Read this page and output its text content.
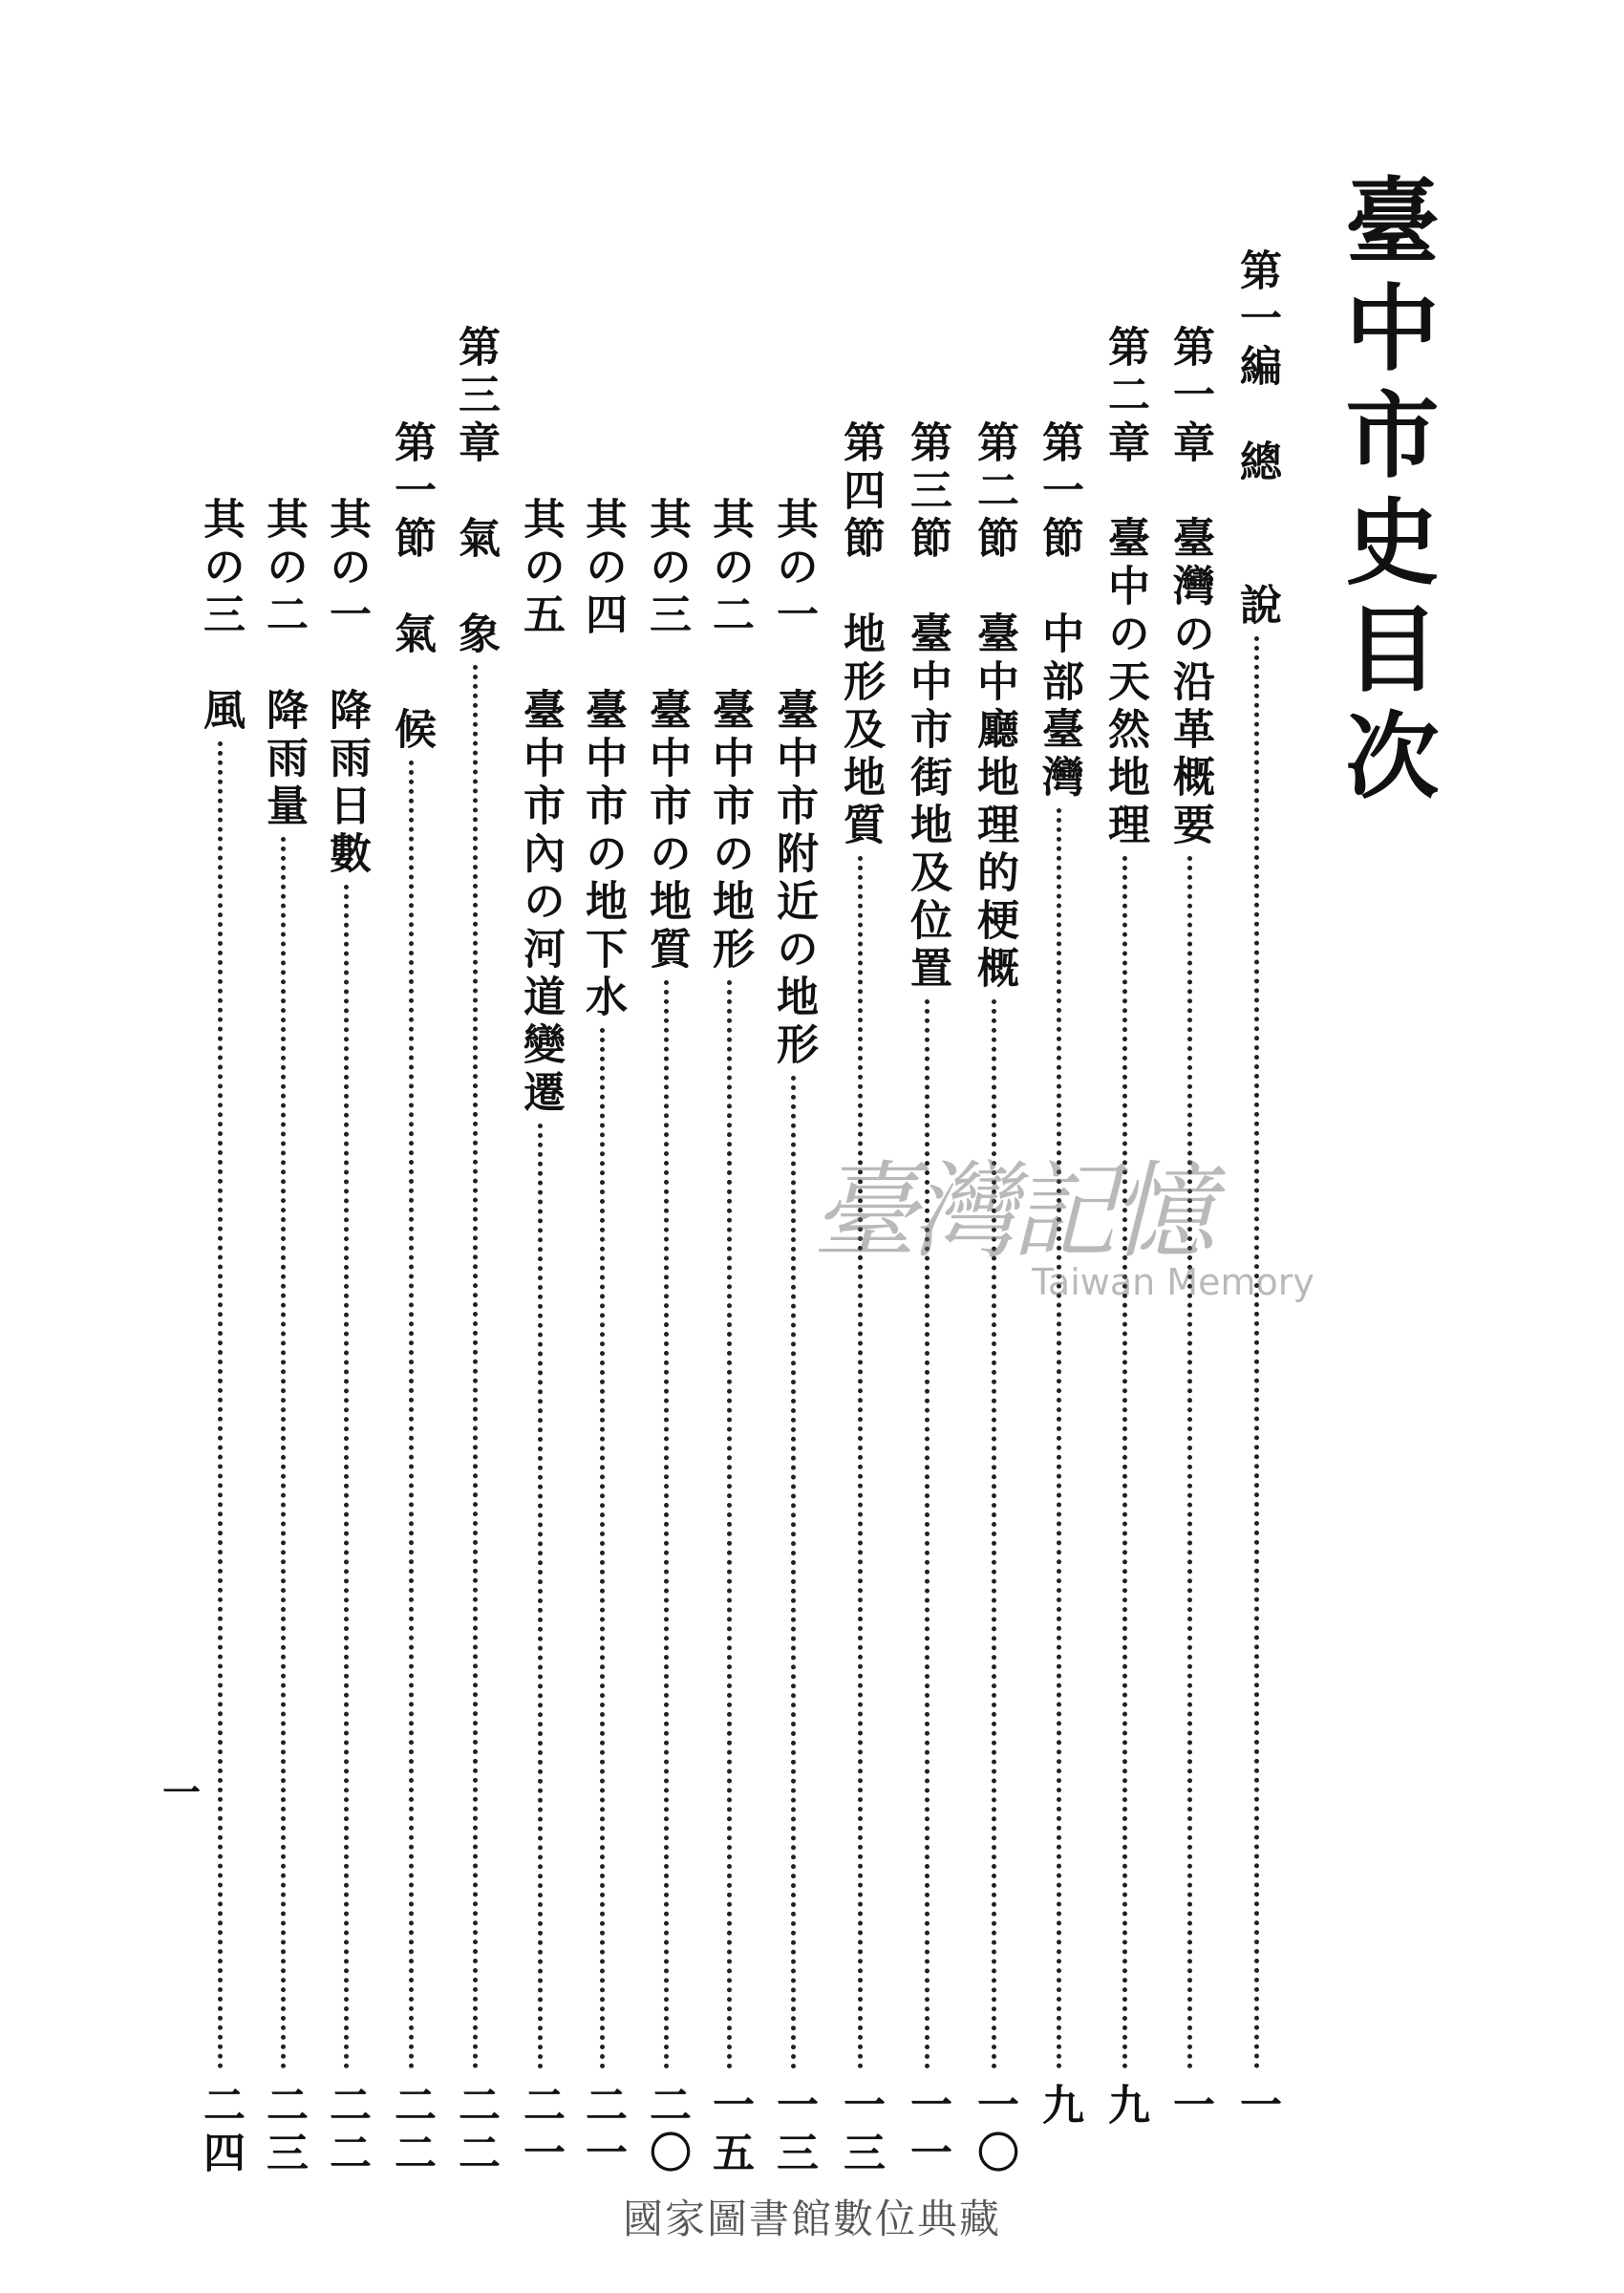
臺中市史目次
第一編　總　　說
一
第一章　臺灣の沿革概要
一
第二章　臺中の天然地理
九
第一節　中部臺灣
九
第二節　臺中廳地理的梗概
一〇
第三節　臺中市街地及位置
一一
第四節　地形及地質
一三
其の一　臺中市附近の地形
一三
其の二　臺中市の地形
一五
其の三　臺中市の地質
二〇
其の四　臺中市の地下水
二一
其の五　臺中市內の河道變遷
二一
第三章　氣　象
二二
第一節　氣　候
二二
其の一　降雨日數
二二
其の二　降雨量
二三
其の三　風
二四
臺灣記憶
Taiwan Memory
一
國家圖書館數位典藏
